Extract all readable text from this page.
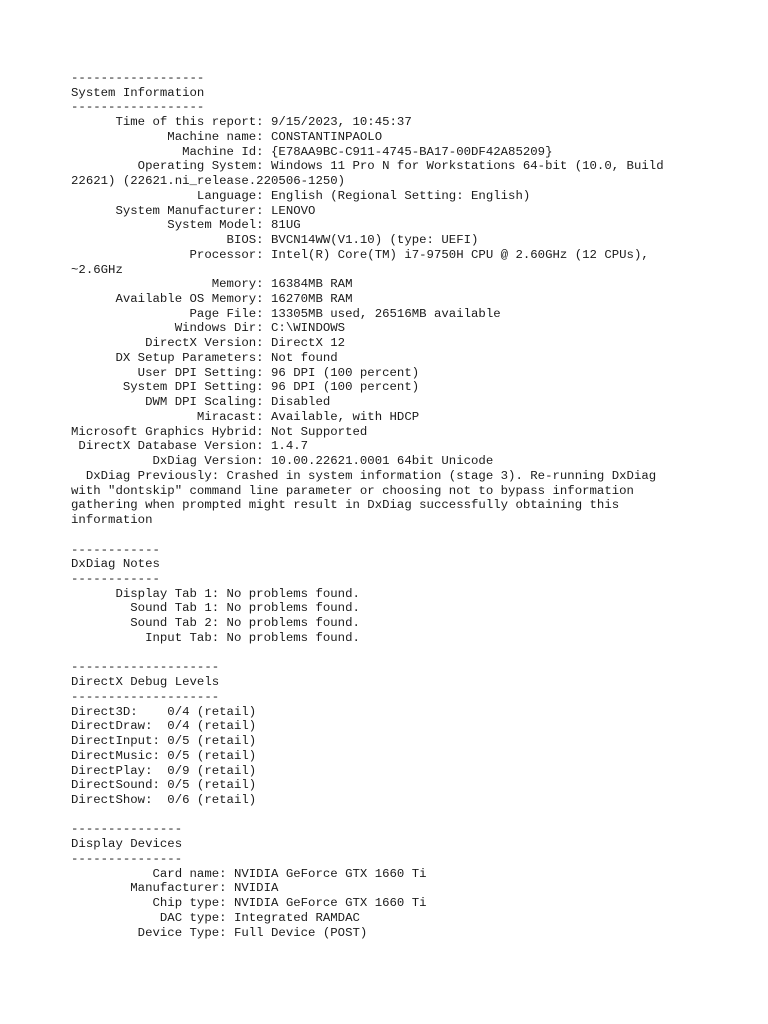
------------------
System Information
------------------
Time of this report: 9/15/2023, 10:45:37
Machine name: CONSTANTINPAOLO
Machine Id: {E78AA9BC-C911-4745-BA17-00DF42A85209}
Operating System: Windows 11 Pro N for Workstations 64-bit (10.0, Build
22621) (22621.ni_release.220506-1250)
Language: English (Regional Setting: English)
System Manufacturer: LENOVO
System Model: 81UG
BIOS: BVCN14WW(V1.10) (type: UEFI)
Processor: Intel(R) Core(TM) i7-9750H CPU @ 2.60GHz (12 CPUs),
~2.6GHz
Memory: 16384MB RAM
Available OS Memory: 16270MB RAM
Page File: 13305MB used, 26516MB available
Windows Dir: C:\WINDOWS
DirectX Version: DirectX 12
DX Setup Parameters: Not found
User DPI Setting: 96 DPI (100 percent)
System DPI Setting: 96 DPI (100 percent)
DWM DPI Scaling: Disabled
Miracast: Available, with HDCP
Microsoft Graphics Hybrid: Not Supported
DirectX Database Version: 1.4.7
DxDiag Version: 10.00.22621.0001 64bit Unicode
DxDiag Previously: Crashed in system information (stage 3). Re-running DxDiag
with "dontskip" command line parameter or choosing not to bypass information
gathering when prompted might result in DxDiag successfully obtaining this
information
------------
DxDiag Notes
------------
Display Tab 1: No problems found.
Sound Tab 1: No problems found.
Sound Tab 2: No problems found.
Input Tab: No problems found.
--------------------
DirectX Debug Levels
--------------------
Direct3D:    0/4 (retail)
DirectDraw:  0/4 (retail)
DirectInput: 0/5 (retail)
DirectMusic: 0/5 (retail)
DirectPlay:  0/9 (retail)
DirectSound: 0/5 (retail)
DirectShow:  0/6 (retail)
---------------
Display Devices
---------------
Card name: NVIDIA GeForce GTX 1660 Ti
Manufacturer: NVIDIA
Chip type: NVIDIA GeForce GTX 1660 Ti
DAC type: Integrated RAMDAC
Device Type: Full Device (POST)
